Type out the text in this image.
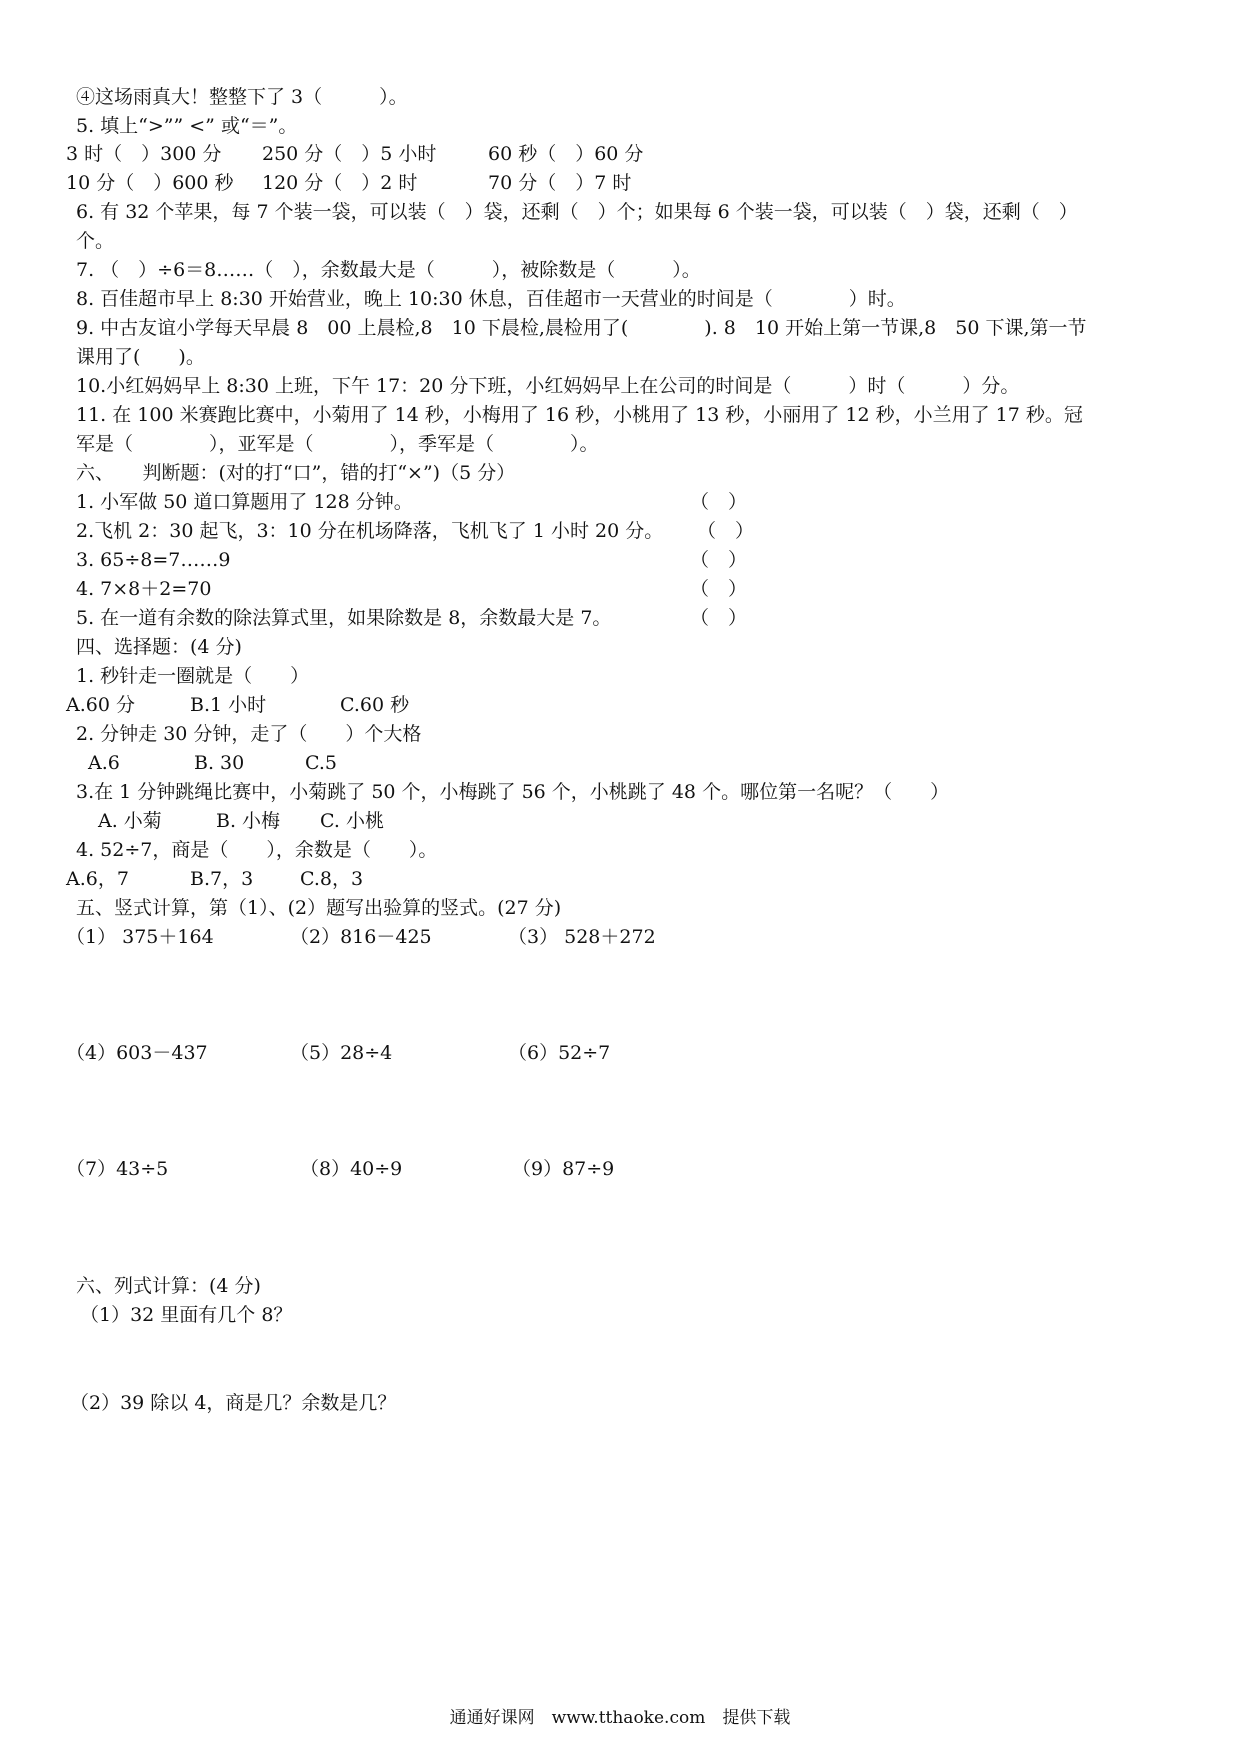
④这场雨真大！整整下了 3（　　　）。
5. 填上“>”” <” 或“＝”。
3 时（　）300 分 250 分（　）5 小时	60 秒（　）60 分
10 分（　）600 秒 120 分（　）2 时	70 分（　）7 时
6. 有 32 个苹果，每 7 个装一袋，可以装（　）袋，还剩（　）个；如果每 6 个装一袋，可以装（　）袋，还剩（　）
个。
7. （　）÷6＝8……（　），余数最大是（　　　），被除数是（　　　）。
8. 百佳超市早上 8:30 开始营业，晚上 10:30 休息，百佳超市一天营业的时间是（　　　　）时。
9. 中古友谊小学每天早晨 8　00 上晨检,8　10 下晨检,晨检用了(　　　　). 8　10 开始上第一节课,8　50 下课,第一节
课用了(　　)。
10.小红妈妈早上 8:30 上班，下午 17：20 分下班，小红妈妈早上在公司的时间是（　　　）时（　　　）分。
11. 在 100 米赛跑比赛中，小菊用了 14 秒，小梅用了 16 秒，小桃用了 13 秒，小丽用了 12 秒，小兰用了 17 秒。冠
军是（　　　　），亚军是（　　　　），季军是（　　　　）。
六、　　判断题：(对的打“口”，错的打“×”)（5 分）
1. 小军做 50 道口算题用了 128 分钟。	（　）
2.飞机 2：30 起飞，3：10 分在机场降落，飞机飞了 1 小时 20 分。 （　）
3. 65÷8=7……9	（　）
4. 7×8＋2=70	（　）
5. 在一道有余数的除法算式里，如果除数是 8，余数最大是 7。	（　）
四、选择题：(4 分)
1. 秒针走一圈就是（　　）
A.60 分	B.1 小时	C.60 秒
2. 分钟走 30 分钟，走了（　　）个大格
A.6	B. 30	C.5
3.在 1 分钟跳绳比赛中，小菊跳了 50 个，小梅跳了 56 个，小桃跳了 48 个。哪位第一名呢？（　　）
A. 小菊	B. 小梅 C. 小桃
4. 52÷7，商是（　　），余数是（　　）。
A.6，7	B.7，3 C.8，3
五、竖式计算，第（1）、(2）题写出验算的竖式。(27 分)
（1） 375＋164	（2）816－425	（3） 528＋272
（4）603－437	（5）28÷4	（6）52÷7
（7）43÷5	（8）40÷9	（9）87÷9
六、列式计算：(4 分)
（1）32 里面有几个 8？
（2）39 除以 4，商是几？余数是几？
通通好课网　www.tthaoke.com　提供下载
